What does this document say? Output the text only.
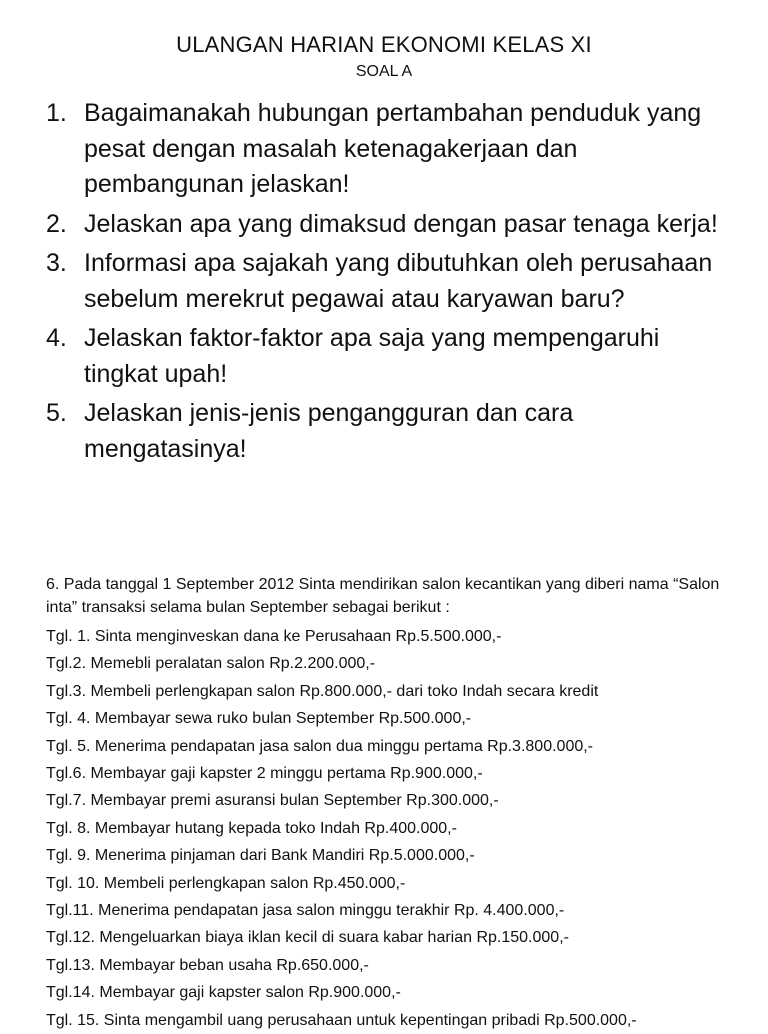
ULANGAN HARIAN EKONOMI KELAS XI
SOAL A
1. Bagaimanakah hubungan pertambahan penduduk yang pesat dengan masalah ketenagakerjaan dan pembangunan jelaskan!
2. Jelaskan apa yang dimaksud dengan pasar tenaga kerja!
3. Informasi apa sajakah yang dibutuhkan oleh perusahaan sebelum merekrut pegawai atau karyawan baru?
4. Jelaskan faktor-faktor apa saja yang mempengaruhi tingkat upah!
5. Jelaskan jenis-jenis pengangguran dan cara mengatasinya!
6. Pada tanggal 1 September 2012 Sinta mendirikan salon kecantikan yang diberi nama “Salon inta” transaksi selama bulan September sebagai berikut :
Tgl. 1. Sinta menginveskan dana ke Perusahaan Rp.5.500.000,-
Tgl.2. Memebli peralatan salon Rp.2.200.000,-
Tgl.3. Membeli perlengkapan salon Rp.800.000,- dari toko Indah secara kredit
Tgl. 4. Membayar sewa ruko bulan September Rp.500.000,-
Tgl. 5. Menerima pendapatan jasa salon dua minggu pertama Rp.3.800.000,-
Tgl.6. Membayar gaji kapster 2 minggu pertama Rp.900.000,-
Tgl.7. Membayar premi asuransi bulan September Rp.300.000,-
Tgl. 8. Membayar hutang kepada toko Indah Rp.400.000,-
Tgl. 9. Menerima pinjaman dari Bank Mandiri Rp.5.000.000,-
Tgl. 10. Membeli perlengkapan salon Rp.450.000,-
Tgl.11. Menerima pendapatan jasa salon minggu terakhir Rp. 4.400.000,-
Tgl.12. Mengeluarkan biaya iklan kecil di suara kabar harian Rp.150.000,-
Tgl.13. Membayar beban usaha Rp.650.000,-
Tgl.14. Membayar gaji kapster salon Rp.900.000,-
Tgl. 15. Sinta mengambil uang perusahaan untuk kepentingan pribadi Rp.500.000,-
